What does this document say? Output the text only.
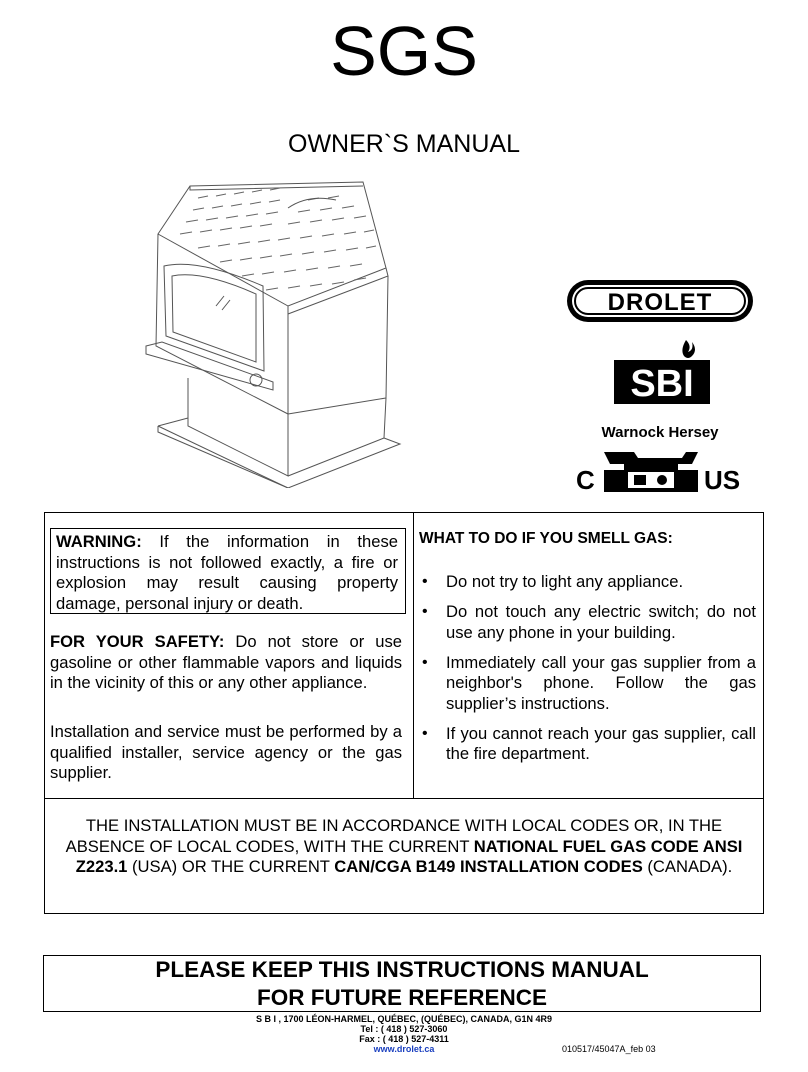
SGS
OWNER`S MANUAL
DROLET
SBI
Warnock Hersey
C	US
WARNING: If the information in these instructions is not followed exactly, a fire or explosion may result causing property damage, personal injury or death.
FOR YOUR SAFETY: Do not store or use gasoline or other flammable vapors and liquids in the vicinity of this or any other appliance.
Installation and service must be performed by a qualified installer, service agency or the gas supplier.
WHAT TO DO IF YOU SMELL GAS:
• Do not try to light any appliance.
• Do not touch any electric switch; do not use any phone in your building.
• Immediately call your gas supplier from a neighbor's phone. Follow the gas supplier’s instructions.
• If you cannot reach your gas supplier, call the fire department.
THE INSTALLATION MUST BE IN ACCORDANCE WITH LOCAL CODES OR, IN THE ABSENCE OF LOCAL CODES, WITH THE CURRENT NATIONAL FUEL GAS CODE ANSI Z223.1 (USA) OR THE CURRENT CAN/CGA B149 INSTALLATION CODES (CANADA).
PLEASE KEEP THIS INSTRUCTIONS MANUAL
FOR FUTURE REFERENCE
S B I , 1700 LÉON-HARMEL, QUÉBEC, (QUÉBEC), CANADA, G1N 4R9
Tel : ( 418 ) 527-3060
Fax : ( 418 ) 527-4311
www.drolet.ca	010517/45047A_feb 03
